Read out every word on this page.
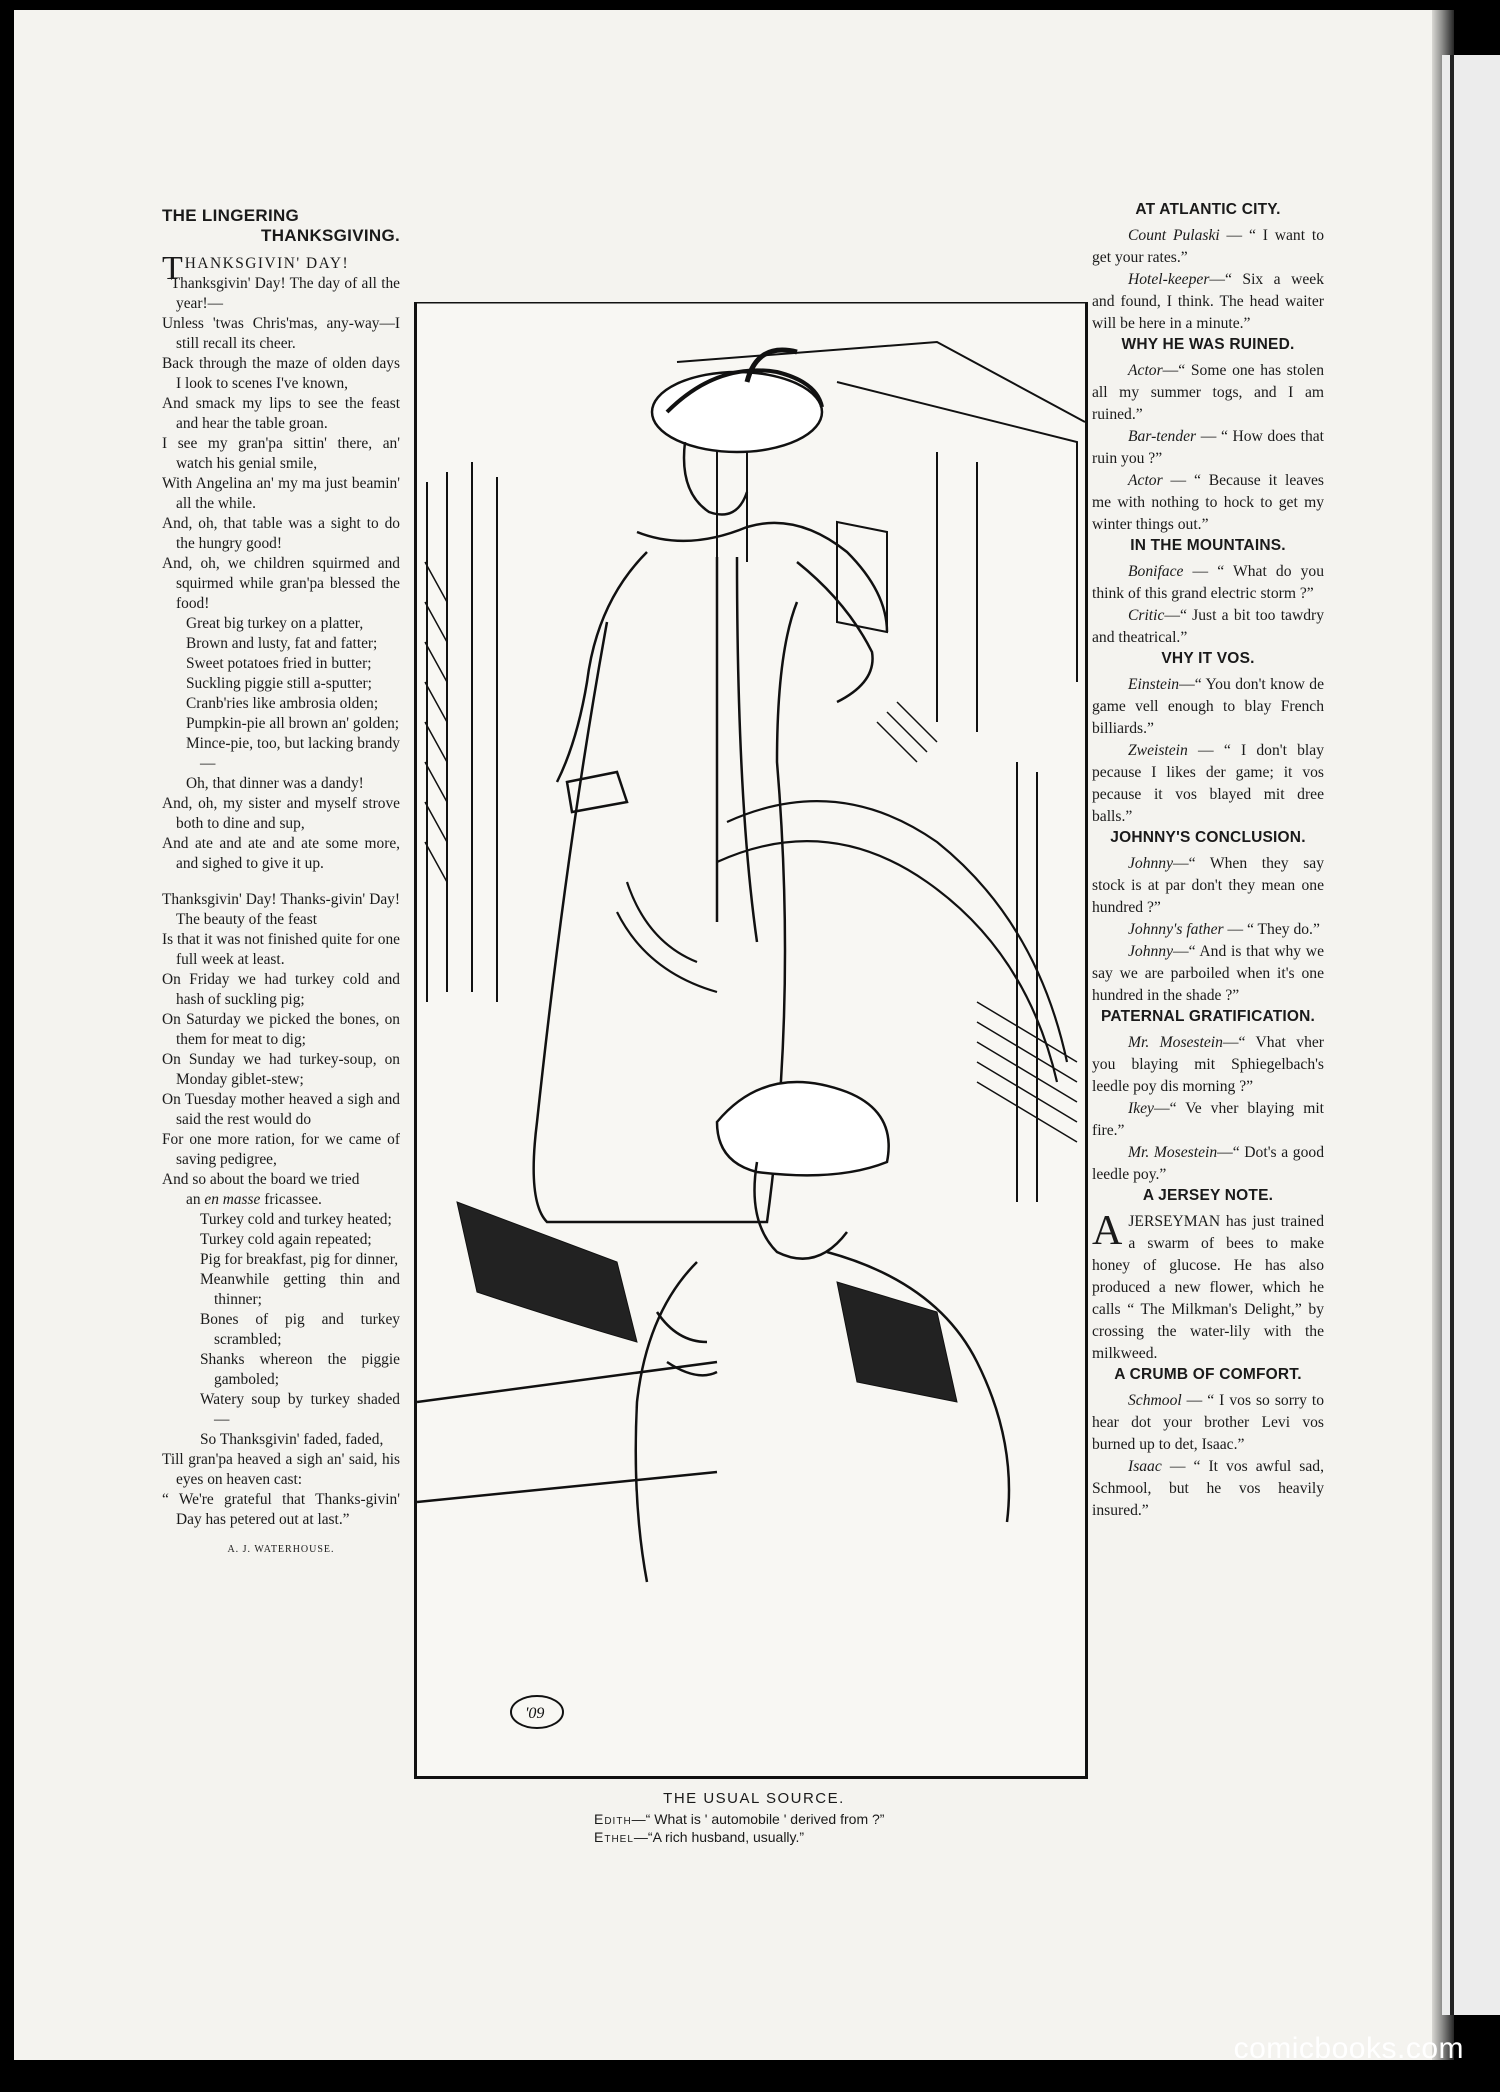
THE LINGERING
THANKSGIVING.
THANKSGIVIN' DAY!
Thanksgivin' Day! The day of all the year!—
Unless 'twas Chris'mas, any-way—I still recall its cheer.
Back through the maze of olden days I look to scenes I've known,
And smack my lips to see the feast and hear the table groan.
I see my gran'pa sittin' there, an' watch his genial smile,
With Angelina an' my ma just beamin' all the while.
And, oh, that table was a sight to do the hungry good!
And, oh, we children squirmed and squirmed while gran'pa blessed the food!
Great big turkey on a platter,
Brown and lusty, fat and fatter;
Sweet potatoes fried in butter;
Suckling piggie still a-sputter;
Cranb'ries like ambrosia olden;
Pumpkin-pie all brown an' golden;
Mince-pie, too, but lacking brandy—
Oh, that dinner was a dandy!
And, oh, my sister and myself strove both to dine and sup,
And ate and ate and ate some more, and sighed to give it up.
Thanksgivin' Day! Thanks-givin' Day! The beauty of the feast
Is that it was not finished quite for one full week at least.
On Friday we had turkey cold and hash of suckling pig;
On Saturday we picked the bones, on them for meat to dig;
On Sunday we had turkey-soup, on Monday giblet-stew;
On Tuesday mother heaved a sigh and said the rest would do
For one more ration, for we came of saving pedigree,
And so about the board we tried
an en masse fricassee.
Turkey cold and turkey heated;
Turkey cold again repeated;
Pig for breakfast, pig for dinner,
Meanwhile getting thin and thinner;
Bones of pig and turkey scrambled;
Shanks whereon the piggie gamboled;
Watery soup by turkey shaded—
So Thanksgivin' faded, faded,
Till gran'pa heaved a sigh an' said, his eyes on heaven cast:
“ We're grateful that Thanks-givin' Day has petered out at last.”
A. J. WATERHOUSE.
'09
THE USUAL SOURCE.
Edith—“ What is ' automobile ' derived from ?”
Ethel—“A rich husband, usually.”
AT ATLANTIC CITY.

Count Pulaski — “ I want to get your rates.”

Hotel-keeper—“ Six a week and found, I think. The head waiter will be here in a minute.”

WHY HE WAS RUINED.

Actor—“ Some one has stolen all my summer togs, and I am ruined.”

Bar-tender — “ How does that ruin you ?”

Actor — “ Because it leaves me with nothing to hock to get my winter things out.”

IN THE MOUNTAINS.

Boniface — “ What do you think of this grand electric storm ?”

Critic—“ Just a bit too tawdry and theatrical.”

VHY IT VOS.

Einstein—“ You don't know de game vell enough to blay French billiards.”

Zweistein — “ I don't blay pecause I likes der game; it vos pecause it vos blayed mit dree balls.”

JOHNNY'S CONCLUSION.

Johnny—“ When they say stock is at par don't they mean one hundred ?”

Johnny's father — “ They do.”

Johnny—“ And is that why we say we are parboiled when it's one hundred in the shade ?”

PATERNAL GRATIFICATION.

Mr. Mosestein—“ Vhat vher you blaying mit Sphiegelbach's leedle poy dis morning ?”

Ikey—“ Ve vher blaying mit fire.”

Mr. Mosestein—“ Dot's a good leedle poy.”

A JERSEY NOTE.

A JERSEYMAN has just trained a swarm of bees to make honey of glucose. He has also produced a new flower, which he calls “ The Milkman's Delight,” by crossing the water-lily with the milkweed.

A CRUMB OF COMFORT.

Schmool — “ I vos so sorry to hear dot your brother Levi vos burned up to det, Isaac.”

Isaac — “ It vos awful sad, Schmool, but he vos heavily insured.”

comicbooks.com
